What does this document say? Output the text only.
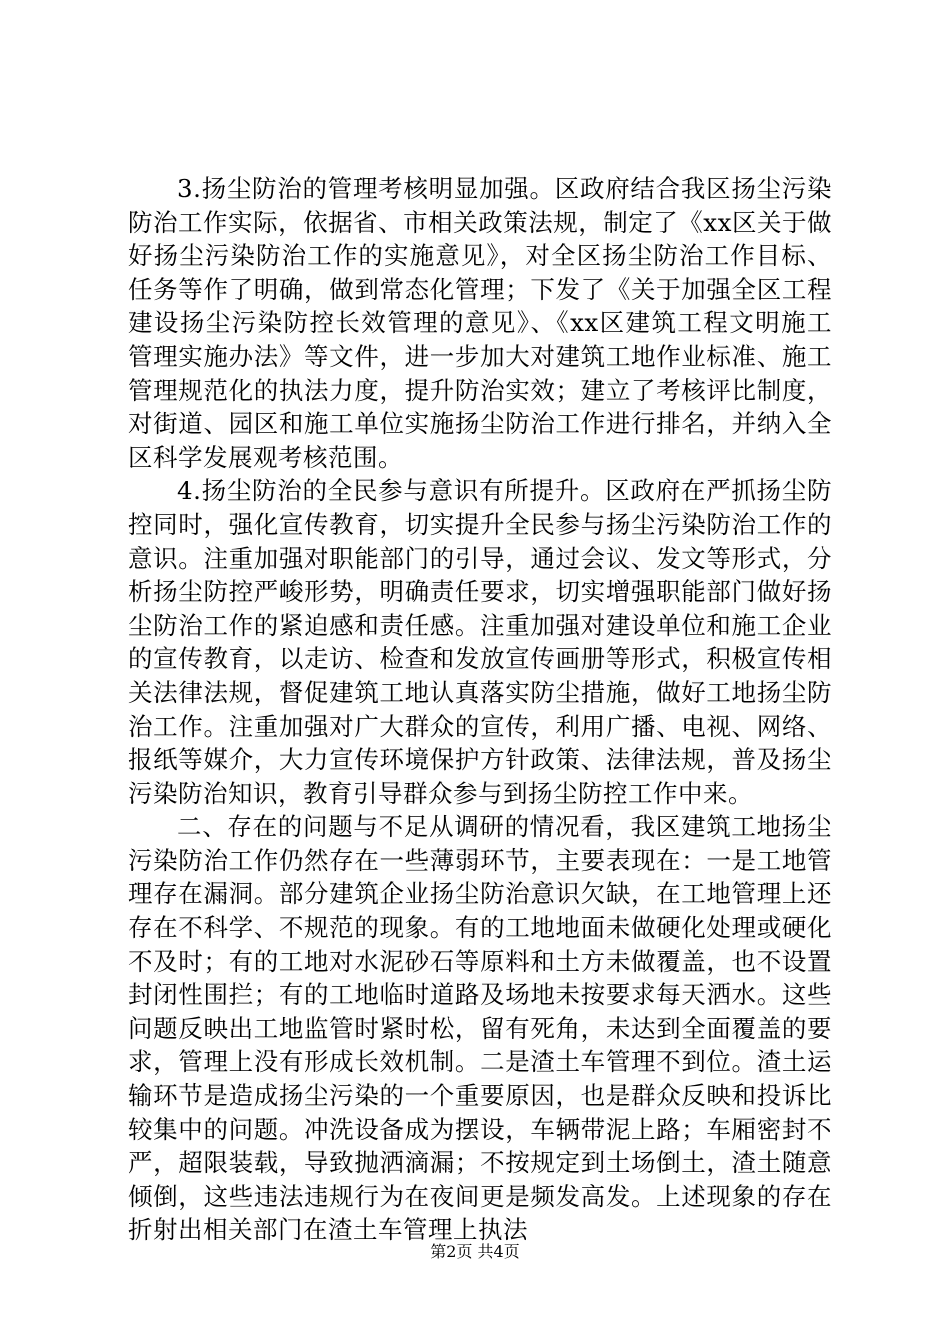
3.扬尘防治的管理考核明显加强。区政府结合我区扬尘污染防治工作实际，依据省、市相关政策法规，制定了《xx区关于做好扬尘污染防治工作的实施意见》，对全区扬尘防治工作目标、任务等作了明确，做到常态化管理；下发了《关于加强全区工程建设扬尘污染防控长效管理的意见》、《xx区建筑工程文明施工管理实施办法》等文件，进一步加大对建筑工地作业标准、施工管理规范化的执法力度，提升防治实效；建立了考核评比制度，对街道、园区和施工单位实施扬尘防治工作进行排名，并纳入全区科学发展观考核范围。

4.扬尘防治的全民参与意识有所提升。区政府在严抓扬尘防控同时，强化宣传教育，切实提升全民参与扬尘污染防治工作的意识。注重加强对职能部门的引导，通过会议、发文等形式，分析扬尘防控严峻形势，明确责任要求，切实增强职能部门做好扬尘防治工作的紧迫感和责任感。注重加强对建设单位和施工企业的宣传教育，以走访、检查和发放宣传画册等形式，积极宣传相关法律法规，督促建筑工地认真落实防尘措施，做好工地扬尘防治工作。注重加强对广大群众的宣传，利用广播、电视、网络、报纸等媒介，大力宣传环境保护方针政策、法律法规，普及扬尘污染防治知识，教育引导群众参与到扬尘防控工作中来。

二、存在的问题与不足从调研的情况看，我区建筑工地扬尘污染防治工作仍然存在一些薄弱环节，主要表现在：一是工地管理存在漏洞。部分建筑企业扬尘防治意识欠缺，在工地管理上还存在不科学、不规范的现象。有的工地地面未做硬化处理或硬化不及时；有的工地对水泥砂石等原料和土方未做覆盖，也不设置封闭性围拦；有的工地临时道路及场地未按要求每天洒水。这些问题反映出工地监管时紧时松，留有死角，未达到全面覆盖的要求，管理上没有形成长效机制。二是渣土车管理不到位。渣土运输环节是造成扬尘污染的一个重要原因，也是群众反映和投诉比较集中的问题。冲洗设备成为摆设，车辆带泥上路；车厢密封不严，超限装载，导致抛洒滴漏；不按规定到土场倒土，渣土随意倾倒，这些违法违规行为在夜间更是频发高发。上述现象的存在折射出相关部门在渣土车管理上执法

第2页 共4页
